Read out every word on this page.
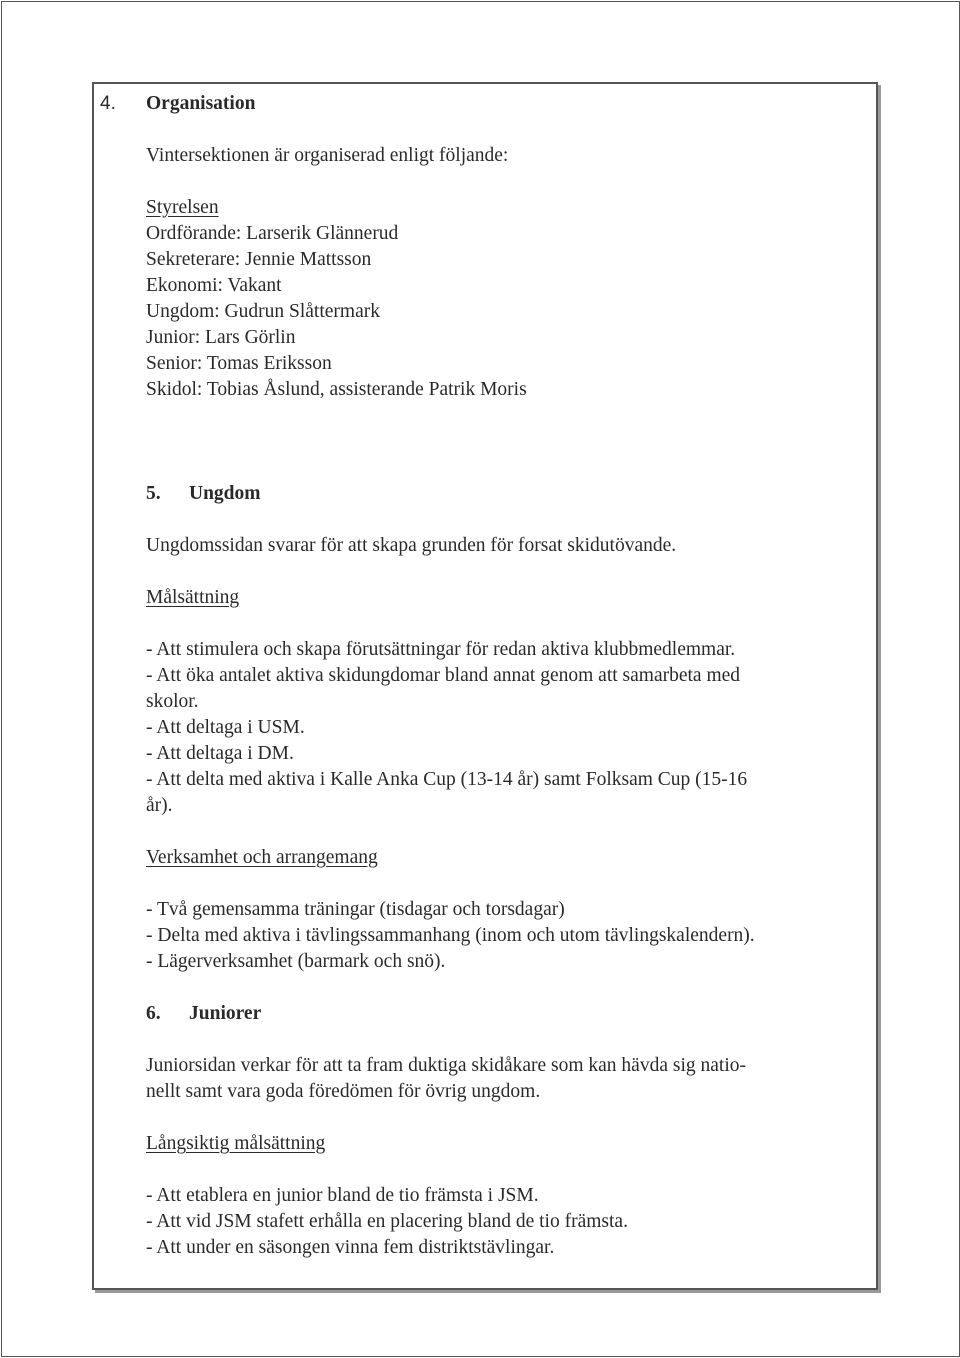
4. Organisation
Vintersektionen är organiserad enligt följande:
Styrelsen
Ordförande: Larserik Glännerud
Sekreterare: Jennie Mattsson
Ekonomi: Vakant
Ungdom: Gudrun Slåttermark
Junior: Lars Görlin
Senior: Tomas Eriksson
Skidol: Tobias Åslund, assisterande Patrik Moris
5. Ungdom
Ungdomssidan svarar för att skapa grunden för forsat skidutövande.
Målsättning
- Att stimulera och skapa förutsättningar för redan aktiva klubbmedlemmar.
- Att öka antalet aktiva skidungdomar bland annat genom att samarbeta med
skolor.
- Att deltaga i USM.
- Att deltaga i DM.
- Att delta med aktiva i Kalle Anka Cup (13-14 år) samt Folksam Cup (15-16
år).
Verksamhet och arrangemang
- Två gemensamma träningar (tisdagar och torsdagar)
- Delta med aktiva i tävlingssammanhang (inom och utom tävlingskalendern).
- Lägerverksamhet (barmark och snö).
6. Juniorer
Juniorsidan verkar för att ta fram duktiga skidåkare som kan hävda sig natio-
nellt samt vara goda föredömen för övrig ungdom.
Långsiktig målsättning
- Att etablera en junior bland de tio främsta i JSM.
- Att vid JSM stafett erhålla en placering bland de tio främsta.
- Att under en säsongen vinna fem distriktstävlingar.
